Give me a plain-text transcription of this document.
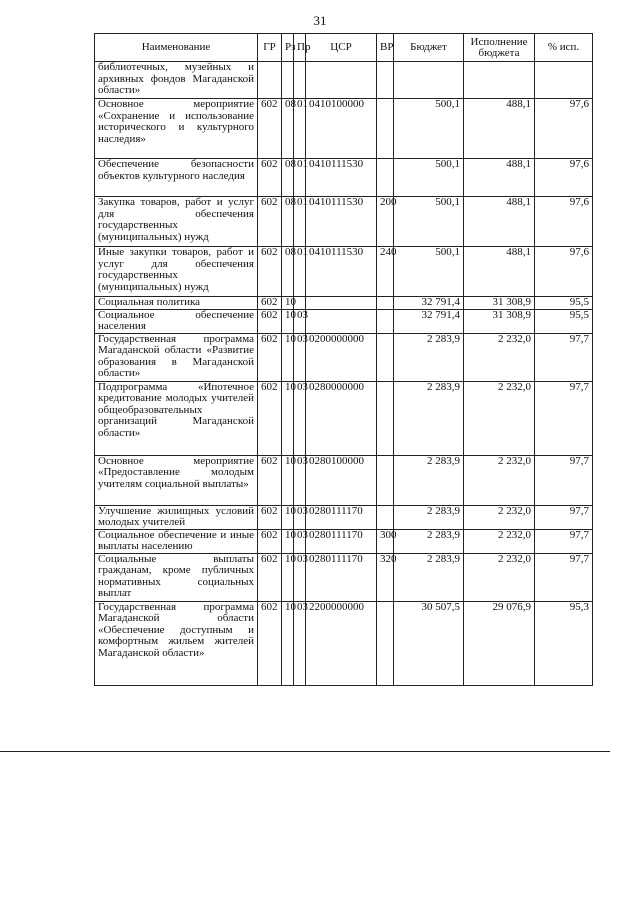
31
Наименование	ГР	Рз	Пр	ЦСР	ВР	Бюджет	Исполнение бюджета	% исп.
библиотечных, музейных и архивных фондов Магаданской области»								
Основное мероприятие «Сохранение и использование исторического и культурного наследия»	602	08	01	0410100000		500,1	488,1	97,6
Обеспечение безопасности объектов культурного наследия	602	08	01	0410111530		500,1	488,1	97,6
Закупка товаров, работ и услуг для обеспечения государственных (муниципальных) нужд	602	08	01	0410111530	200	500,1	488,1	97,6
Иные закупки товаров, работ и услуг для обеспечения государственных (муниципальных) нужд	602	08	01	0410111530	240	500,1	488,1	97,6
Социальная политика	602	10				32 791,4	31 308,9	95,5
Социальное обеспечение населения	602	10	03			32 791,4	31 308,9	95,5
Государственная программа Магаданской области «Развитие образования в Магаданской области»	602	10	03	0200000000		2 283,9	2 232,0	97,7
Подпрограмма «Ипотечное кредитование молодых учителей общеобразовательных организаций Магаданской области»	602	10	03	0280000000		2 283,9	2 232,0	97,7
Основное мероприятие «Предоставление молодым учителям социальной выплаты»	602	10	03	0280100000		2 283,9	2 232,0	97,7
Улучшение жилищных условий молодых учителей	602	10	03	0280111170		2 283,9	2 232,0	97,7
Социальное обеспечение и иные выплаты населению	602	10	03	0280111170	300	2 283,9	2 232,0	97,7
Социальные выплаты гражданам, кроме публичных нормативных социальных выплат	602	10	03	0280111170	320	2 283,9	2 232,0	97,7
Государственная программа Магаданской области «Обеспечение доступным и комфортным жильем жителей Магаданской области»	602	10	03	2200000000		30 507,5	29 076,9	95,3
